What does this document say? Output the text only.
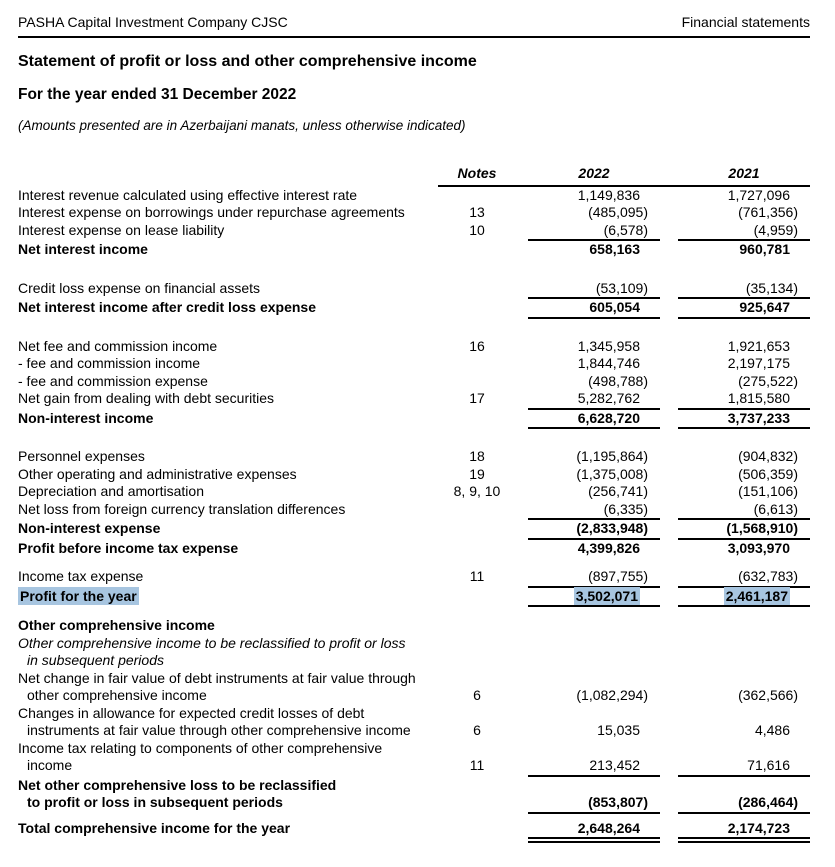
PASHA Capital Investment Company CJSC	Financial statements
Statement of profit or loss and other comprehensive income
For the year ended 31 December 2022
(Amounts presented are in Azerbaijani manats, unless otherwise indicated)
Notes	2022	2021
Interest revenue calculated using effective interest rate	1,149,836	1,727,096
Interest expense on borrowings under repurchase agreements	13	(485,095)	(761,356)
Interest expense on lease liability	10	(6,578)	(4,959)
Net interest income	658,163	960,781
Credit loss expense on financial assets	(53,109)	(35,134)
Net interest income after credit loss expense	605,054	925,647
Net fee and commission income	16	1,345,958	1,921,653
- fee and commission income	1,844,746	2,197,175
- fee and commission expense	(498,788)	(275,522)
Net gain from dealing with debt securities	17	5,282,762	1,815,580
Non-interest income	6,628,720	3,737,233
Personnel expenses	18	(1,195,864)	(904,832)
Other operating and administrative expenses	19	(1,375,008)	(506,359)
Depreciation and amortisation	8, 9, 10	(256,741)	(151,106)
Net loss from foreign currency translation differences	(6,335)	(6,613)
Non-interest expense	(2,833,948)	(1,568,910)
Profit before income tax expense	4,399,826	3,093,970
Income tax expense	11	(897,755)	(632,783)
Profit for the year	3,502,071	2,461,187
Other comprehensive income
Other comprehensive income to be reclassified to profit or loss
in subsequent periods
Net change in fair value of debt instruments at fair value through
other comprehensive income	6	(1,082,294)	(362,566)
Changes in allowance for expected credit losses of debt
instruments at fair value through other comprehensive income	6	15,035	4,486
Income tax relating to components of other comprehensive
income	11	213,452	71,616
Net other comprehensive loss to be reclassified
to profit or loss in subsequent periods	(853,807)	(286,464)
Total comprehensive income for the year	2,648,264	2,174,723
